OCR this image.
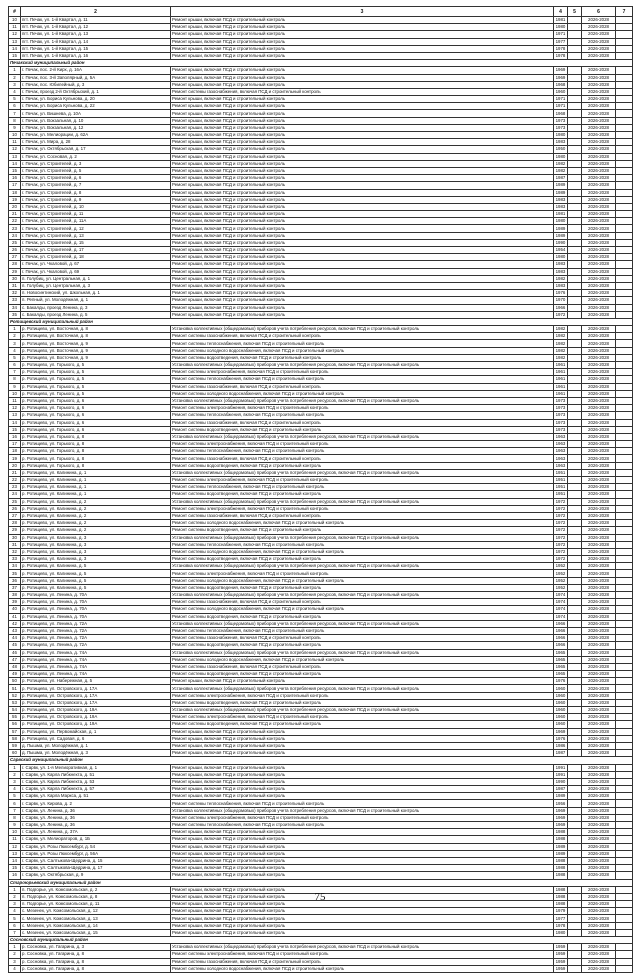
#	2	3	4	5	6	7
10	пгт. Печак, ул. 1-й Квартал, д. 11	Ремонт крыши, включая ПСД и строительный контроль	1981		2026-2028	
11	пгт. Печак, ул. 1-й Квартал, д. 12	Ремонт крыши, включая ПСД и строительный контроль	1980		2026-2028	
12	пгт. Печак, ул. 1-й Квартал, д. 13	Ремонт крыши, включая ПСД и строительный контроль	1971		2026-2028	
13	пгт. Печак, ул. 1-й Квартал, д. 14	Ремонт крыши, включая ПСД и строительный контроль	1977		2026-2028	
14	пгт. Печак, ул. 1-й Квартал, д. 15	Ремонт крыши, включая ПСД и строительный контроль	1978		2026-2028	
15	пгт. Печак, ул. 1-й Квартал, д. 16	Ремонт крыши, включая ПСД и строительный контроль	1978		2026-2028	
Печакский муниципальный район						
1	г. Печак, пос. 2-й Кирх, д. 16А	Ремонт крыши, включая ПСД и строительный контроль	1969		2026-2028	
2	г. Печак, пос. 3-й Заполярный, д. 5А	Ремонт крыши, включая ПСД и строительный контроль	1969		2026-2028	
3	г. Печак, пос. Юбилейный, д. 3	Ремонт крыши, включая ПСД и строительный контроль	1968		2026-2028	
4	г. Печак, проезд 2-й Октябрьский, д. 1	Ремонт системы газоснабжения, включая ПСД и строительный контроль	1960		2026-2028	
5	г. Печак, ул. Бориса Кульнова, д. 20	Ремонт крыши, включая ПСД и строительный контроль	1971		2026-2028	
6	г. Печак, ул. Бориса Кульнова, д. 22	Ремонт крыши, включая ПСД и строительный контроль	1971		2026-2028	
7	г. Печак, ул. Вишнева, д. 10А	Ремонт крыши, включая ПСД и строительный контроль	1968		2026-2028	
8	г. Печак, ул. Вокзальная, д. 10	Ремонт крыши, включая ПСД и строительный контроль	1973		2026-2028	
9	г. Печак, ул. Вокзальная, д. 12	Ремонт крыши, включая ПСД и строительный контроль	1973		2026-2028	
10	г. Печак, ул. Мелиорации, д. 62А	Ремонт крыши, включая ПСД и строительный контроль	1980		2026-2028	
11	г. Печак, ул. Мира, д. 28	Ремонт крыши, включая ПСД и строительный контроль	1983		2026-2028	
12	г. Печак, ул. Октябрьская, д. 17	Ремонт крыши, включая ПСД и строительный контроль	1950		2026-2028	
13	г. Печак, ул. Сосновая, д. 2	Ремонт крыши, включая ПСД и строительный контроль	1980		2026-2028	
14	г. Печак, ул. Строителей, д. 3	Ремонт крыши, включая ПСД и строительный контроль	1982		2026-2028	
15	г. Печак, ул. Строителей, д. 5	Ремонт крыши, включая ПСД и строительный контроль	1982		2026-2028	
16	г. Печак, ул. Строителей, д. 6	Ремонт крыши, включая ПСД и строительный контроль	1987		2026-2028	
17	г. Печак, ул. Строителей, д. 7	Ремонт крыши, включая ПСД и строительный контроль	1989		2026-2028	
18	г. Печак, ул. Строителей, д. 8	Ремонт крыши, включая ПСД и строительный контроль	1989		2026-2028	
19	г. Печак, ул. Строителей, д. 9	Ремонт крыши, включая ПСД и строительный контроль	1983		2026-2028	
20	г. Печак, ул. Строителей, д. 10	Ремонт крыши, включая ПСД и строительный контроль	1983		2026-2028	
21	г. Печак, ул. Строителей, д. 11	Ремонт крыши, включая ПСД и строительный контроль	1981		2026-2028	
22	г. Печак, ул. Строителей, д. 11А	Ремонт крыши, включая ПСД и строительный контроль	1980		2026-2028	
23	г. Печак, ул. Строителей, д. 12	Ремонт крыши, включая ПСД и строительный контроль	1989		2026-2028	
24	г. Печак, ул. Строителей, д. 13	Ремонт крыши, включая ПСД и строительный контроль	1989		2026-2028	
25	г. Печак, ул. Строителей, д. 15	Ремонт крыши, включая ПСД и строительный контроль	1990		2026-2028	
26	г. Печак, ул. Строителей, д. 17	Ремонт крыши, включая ПСД и строительный контроль	1954		2026-2028	
27	г. Печак, ул. Строителей, д. 18	Ремонт крыши, включая ПСД и строительный контроль	1980		2026-2028	
28	г. Печак, ул. Чкаловой, д. 67	Ремонт крыши, включая ПСД и строительный контроль	1983		2026-2028	
29	г. Печак, ул. Чкаловой, д. 69	Ремонт крыши, включая ПСД и строительный контроль	1983		2026-2028	
30	п. Голубиц, ул. Центральная, д. 1	Ремонт крыши, включая ПСД и строительный контроль	1982		2026-2028	
31	п. Голубиц, ул. Центральная, д. 3	Ремонт крыши, включая ПСД и строительный контроль	1983		2026-2028	
32	п. Новосинтинский, ул. Школьная, д. 1	Ремонт крыши, включая ПСД и строительный контроль	1976		2026-2028	
33	п. Репный, ул. Молодёжная, д. 1	Ремонт крыши, включая ПСД и строительный контроль	1970		2026-2028	
34	с. Бакалды, проезд Ленина, д. 3	Ремонт крыши, включая ПСД и строительный контроль	1966		2026-2028	
35	с. Бакалды, проезд Ленина, д. 5	Ремонт крыши, включая ПСД и строительный контроль	1972		2026-2028	
Ротищевский муниципальный район						
1	р. Ротищево, ул. Восточная, д. 8	Установка коллективных (общедомовых) приборов учета потребления ресурсов, включая ПСД и строительный контроль	1982		2026-2028	
2	р. Ротищево, ул. Восточная, д. 8	Ремонт системы газоснабжения, включая ПСД и строительный контроль	1982		2026-2028	
3	р. Ротищево, ул. Восточная, д. 9	Ремонт системы теплоснабжения, включая ПСД и строительный контроль	1982		2026-2028	
4	р. Ротищево, ул. Восточная, д. 9	Ремонт системы холодного водоснабжения, включая ПСД и строительный контроль	1982		2026-2028	
5	р. Ротищево, ул. Восточная, д. 9	Ремонт системы водоотведения, включая ПСД и строительный контроль	1982		2026-2028	
6	р. Ротищево, ул. Горького, д. 5	Установка коллективных (общедомовых) приборов учета потребления ресурсов, включая ПСД и строительный контроль	1961		2026-2028	
7	р. Ротищево, ул. Горького, д. 5	Ремонт системы электроснабжения, включая ПСД и строительный контроль	1961		2026-2028	
8	р. Ротищево, ул. Горького, д. 5	Ремонт системы теплоснабжения, включая ПСД и строительный контроль	1961		2026-2028	
9	р. Ротищево, ул. Горького, д. 5	Ремонт системы газоснабжения, включая ПСД и строительный контроль	1961		2026-2028	
10	р. Ротищево, ул. Горького, д. 5	Ремонт системы холодного водоснабжения, включая ПСД и строительный контроль	1961		2026-2028	
11	р. Ротищево, ул. Горького, д. 6	Установка коллективных (общедомовых) приборов учета потребления ресурсов, включая ПСД и строительный контроль	1973		2026-2028	
12	р. Ротищево, ул. Горького, д. 6	Ремонт системы электроснабжения, включая ПСД и строительный контроль	1973		2026-2028	
13	р. Ротищево, ул. Горького, д. 6	Ремонт системы теплоснабжения, включая ПСД и строительный контроль	1973		2026-2028	
14	р. Ротищево, ул. Горького, д. 6	Ремонт системы газоснабжения, включая ПСД и строительный контроль	1973		2026-2028	
15	р. Ротищево, ул. Горького, д. 6	Ремонт системы водоотведения, включая ПСД и строительный контроль	1973		2026-2028	
16	р. Ротищево, ул. Горького, д. 8	Установка коллективных (общедомовых) приборов учета потребления ресурсов, включая ПСД и строительный контроль	1963		2026-2028	
17	р. Ротищево, ул. Горького, д. 8	Ремонт системы электроснабжения, включая ПСД и строительный контроль	1963		2026-2028	
18	р. Ротищево, ул. Горького, д. 8	Ремонт системы теплоснабжения, включая ПСД и строительный контроль	1963		2026-2028	
19	р. Ротищево, ул. Горького, д. 8	Ремонт системы газоснабжения, включая ПСД и строительный контроль	1963		2026-2028	
20	р. Ротищево, ул. Горького, д. 8	Ремонт системы водоотведения, включая ПСД и строительный контроль	1963		2026-2028	
21	р. Ротищево, ул. Калинина, д. 1	Установка коллективных (общедомовых) приборов учета потребления ресурсов, включая ПСД и строительный контроль	1951		2026-2028	
22	р. Ротищево, ул. Калинина, д. 1	Ремонт системы электроснабжения, включая ПСД и строительный контроль	1951		2026-2028	
23	р. Ротищево, ул. Калинина, д. 1	Ремонт системы теплоснабжения, включая ПСД и строительный контроль	1951		2026-2028	
24	р. Ротищево, ул. Калинина, д. 1	Ремонт системы водоотведения, включая ПСД и строительный контроль	1951		2026-2028	
25	р. Ротищево, ул. Калинина, д. 2	Установка коллективных (общедомовых) приборов учета потребления ресурсов, включая ПСД и строительный контроль	1972		2026-2028	
26	р. Ротищево, ул. Калинина, д. 2	Ремонт системы электроснабжения, включая ПСД и строительный контроль	1972		2026-2028	
27	р. Ротищево, ул. Калинина, д. 2	Ремонт системы газоснабжения, включая ПСД и строительный контроль	1972		2026-2028	
28	р. Ротищево, ул. Калинина, д. 2	Ремонт системы холодного водоснабжения, включая ПСД и строительный контроль	1972		2026-2028	
29	р. Ротищево, ул. Калинина, д. 2	Ремонт системы водоотведения, включая ПСД и строительный контроль	1972		2026-2028	
30	р. Ротищево, ул. Калинина, д. 3	Установка коллективных (общедомовых) приборов учета потребления ресурсов, включая ПСД и строительный контроль	1972		2026-2028	
31	р. Ротищево, ул. Калинина, д. 3	Ремонт системы теплоснабжения, включая ПСД и строительный контроль	1972		2026-2028	
32	р. Ротищево, ул. Калинина, д. 3	Ремонт системы холодного водоснабжения, включая ПСД и строительный контроль	1972		2026-2028	
33	р. Ротищево, ул. Калинина, д. 3	Ремонт системы водоотведения, включая ПСД и строительный контроль	1972		2026-2028	
34	р. Ротищево, ул. Калинина, д. 5	Установка коллективных (общедомовых) приборов учета потребления ресурсов, включая ПСД и строительный контроль	1952		2026-2028	
35	р. Ротищево, ул. Калинина, д. 5	Ремонт системы электроснабжения, включая ПСД и строительный контроль	1952		2026-2028	
36	р. Ротищево, ул. Калинина, д. 5	Ремонт системы холодного водоснабжения, включая ПСД и строительный контроль	1952		2026-2028	
37	р. Ротищево, ул. Калинина, д. 5	Ремонт системы водоотведения, включая ПСД и строительный контроль	1952		2026-2028	
38	р. Ротищево, ул. Ленина, д. 70А	Установка коллективных (общедомовых) приборов учета потребления ресурсов, включая ПСД и строительный контроль	1974		2026-2028	
39	р. Ротищево, ул. Ленина, д. 70А	Ремонт системы газоснабжения, включая ПСД и строительный контроль	1974		2026-2028	
40	р. Ротищево, ул. Ленина, д. 70А	Ремонт системы холодного водоснабжения, включая ПСД и строительный контроль	1974		2026-2028	
41	р. Ротищево, ул. Ленина, д. 70А	Ремонт системы водоотведения, включая ПСД и строительный контроль	1974		2026-2028	
42	р. Ротищево, ул. Ленина, д. 72А	Установка коллективных (общедомовых) приборов учета потребления ресурсов, включая ПСД и строительный контроль	1966		2026-2028	
43	р. Ротищево, ул. Ленина, д. 72А	Ремонт системы теплоснабжения, включая ПСД и строительный контроль	1966		2026-2028	
44	р. Ротищево, ул. Ленина, д. 72А	Ремонт системы газоснабжения, включая ПСД и строительный контроль	1966		2026-2028	
45	р. Ротищево, ул. Ленина, д. 72А	Ремонт системы водоотведения, включая ПСД и строительный контроль	1966		2026-2028	
46	р. Ротищево, ул. Ленина, д. 74А	Установка коллективных (общедомовых) приборов учета потребления ресурсов, включая ПСД и строительный контроль	1965		2026-2028	
47	р. Ротищево, ул. Ленина, д. 74А	Ремонт системы холодного водоснабжения, включая ПСД и строительный контроль	1965		2026-2028	
48	р. Ротищево, ул. Ленина, д. 74А	Ремонт системы газоснабжения, включая ПСД и строительный контроль	1965		2026-2028	
49	р. Ротищево, ул. Ленина, д. 74А	Ремонт системы водоотведения, включая ПСД и строительный контроль	1965		2026-2028	
50	р. Ротищево, ул. Набережная, д. 5	Ремонт крыши, включая ПСД и строительный контроль	1976		2026-2028	
51	р. Ротищево, ул. Островского, д. 17А	Установка коллективных (общедомовых) приборов учета потребления ресурсов, включая ПСД и строительный контроль	1960		2026-2028	
52	р. Ротищево, ул. Островского, д. 17А	Ремонт системы электроснабжения, включая ПСД и строительный контроль	1960		2026-2028	
53	р. Ротищево, ул. Островского, д. 17А	Ремонт системы водоотведения, включая ПСД и строительный контроль	1960		2026-2028	
54	р. Ротищево, ул. Островского, д. 19А	Установка коллективных (общедомовых) приборов учета потребления ресурсов, включая ПСД и строительный контроль	1960		2026-2028	
55	р. Ротищево, ул. Островского, д. 19А	Ремонт системы электроснабжения, включая ПСД и строительный контроль	1960		2026-2028	
56	р. Ротищево, ул. Островского, д. 19А	Ремонт системы водоотведения, включая ПСД и строительный контроль	1960		2026-2028	
57	р. Ротищево, ул. Первомайская, д. 1	Ремонт крыши, включая ПСД и строительный контроль	1969		2026-2028	
58	р. Ротищево, ул. Садовая, д. 6	Ремонт крыши, включая ПСД и строительный контроль	1976		2026-2028	
59	д. Пышма, ул. Молодёжная, д. 1	Ремонт крыши, включая ПСД и строительный контроль	1986		2026-2028	
60	д. Пышма, ул. Молодёжная, д. 3	Ремонт крыши, включая ПСД и строительный контроль	1987		2026-2028	
Сарвский муниципальный район						
1	г. Сарвк, ул. 1-я Мелиоративная, д. 1	Ремонт крыши, включая ПСД и строительный контроль	1991		2026-2028	
2	г. Сарвк, ул. Карла Либкнехта, д. 51	Ремонт крыши, включая ПСД и строительный контроль	1991		2026-2028	
3	г. Сарвк, ул. Карла Либкнехта, д. 53	Ремонт крыши, включая ПСД и строительный контроль	1990		2026-2028	
4	г. Сарвк, ул. Карла Либкнехта, д. 57	Ремонт крыши, включая ПСД и строительный контроль	1987		2026-2028	
5	г. Сарвк, ул. Карла Маркса, д. 51	Ремонт крыши, включая ПСД и строительный контроль	1989		2026-2028	
6	г. Сарвк, ул. Кирова, д. 2	Ремонт системы теплоснабжения, включая ПСД и строительный контроль	1956		2026-2028	
7	г. Сарвк, ул. Ленина, д. 36	Установка коллективных (общедомовых) приборов учета потребления ресурсов, включая ПСД и строительный контроль	1969		2026-2028	
8	г. Сарвк, ул. Ленина, д. 36	Ремонт системы электроснабжения, включая ПСД и строительный контроль	1969		2026-2028	
9	г. Сарвк, ул. Ленина, д. 36	Ремонт системы теплоснабжения, включая ПСД и строительный контроль	1969		2026-2028	
10	г. Сарвк, ул. Ленина, д. 37А	Ремонт крыши, включая ПСД и строительный контроль	1988		2026-2028	
11	г. Сарвк, ул. Мелиораторов, д. 1Б	Ремонт крыши, включая ПСД и строительный контроль	1988		2026-2028	
12	г. Сарвк, ул. Розы Люксембург, д. 54	Ремонт крыши, включая ПСД и строительный контроль	1989		2026-2028	
13	г. Сарвк, ул. Розы Люксембург, д. 56А	Ремонт крыши, включая ПСД и строительный контроль	1989		2026-2028	
14	г. Сарвк, ул. Салтыкова-Щедрина, д. 15	Ремонт крыши, включая ПСД и строительный контроль	1988		2026-2028	
15	г. Сарвк, ул. Салтыкова-Щедрина, д. 17	Ремонт крыши, включая ПСД и строительный контроль	1988		2026-2028	
16	г. Сарвк, ул. Октябрьская, д. 9	Ремонт крыши, включая ПСД и строительный контроль	1988		2026-2028	
Староюрьевский муниципальный район						
1	п. Подгорье, ул. Комсомольская, д. 2	Ремонт крыши, включая ПСД и строительный контроль	1988		2026-2028	
2	п. Подгорье, ул. Комсомольская, д. 8	Ремонт крыши, включая ПСД и строительный контроль	1988		2026-2028	
3	п. Подгорье, ул. Комсомольская, д. 11	Ремонт крыши, включая ПСД и строительный контроль	1988		2026-2028	
4	с. Мезенек, ул. Комсомольская, д. 12	Ремонт крыши, включая ПСД и строительный контроль	1979		2026-2028	
5	с. Мезенек, ул. Комсомольская, д. 13	Ремонт крыши, включая ПСД и строительный контроль	1977		2026-2028	
6	с. Мезенек, ул. Комсомольская, д. 14	Ремонт крыши, включая ПСД и строительный контроль	1978		2026-2028	
7	с. Мезенек, ул. Комсомольская, д. 15	Ремонт крыши, включая ПСД и строительный контроль	1980		2026-2028	
Сосновский муниципальный район						
1	р. Сосновка, ул. Гагарина, д. 3	Установка коллективных (общедомовых) приборов учета потребления ресурсов, включая ПСД и строительный контроль	1959		2026-2028	
2	р. Сосновка, ул. Гагарина, д. 8	Ремонт системы электроснабжения, включая ПСД и строительный контроль	1959		2026-2028	
3	р. Сосновка, ул. Гагарина, д. 8	Ремонт системы газоснабжения, включая ПСД и строительный контроль	1959		2026-2028	
4	р. Сосновка, ул. Гагарина, д. 8	Ремонт системы холодного водоснабжения, включая ПСД и строительный контроль	1959		2026-2028	
75
